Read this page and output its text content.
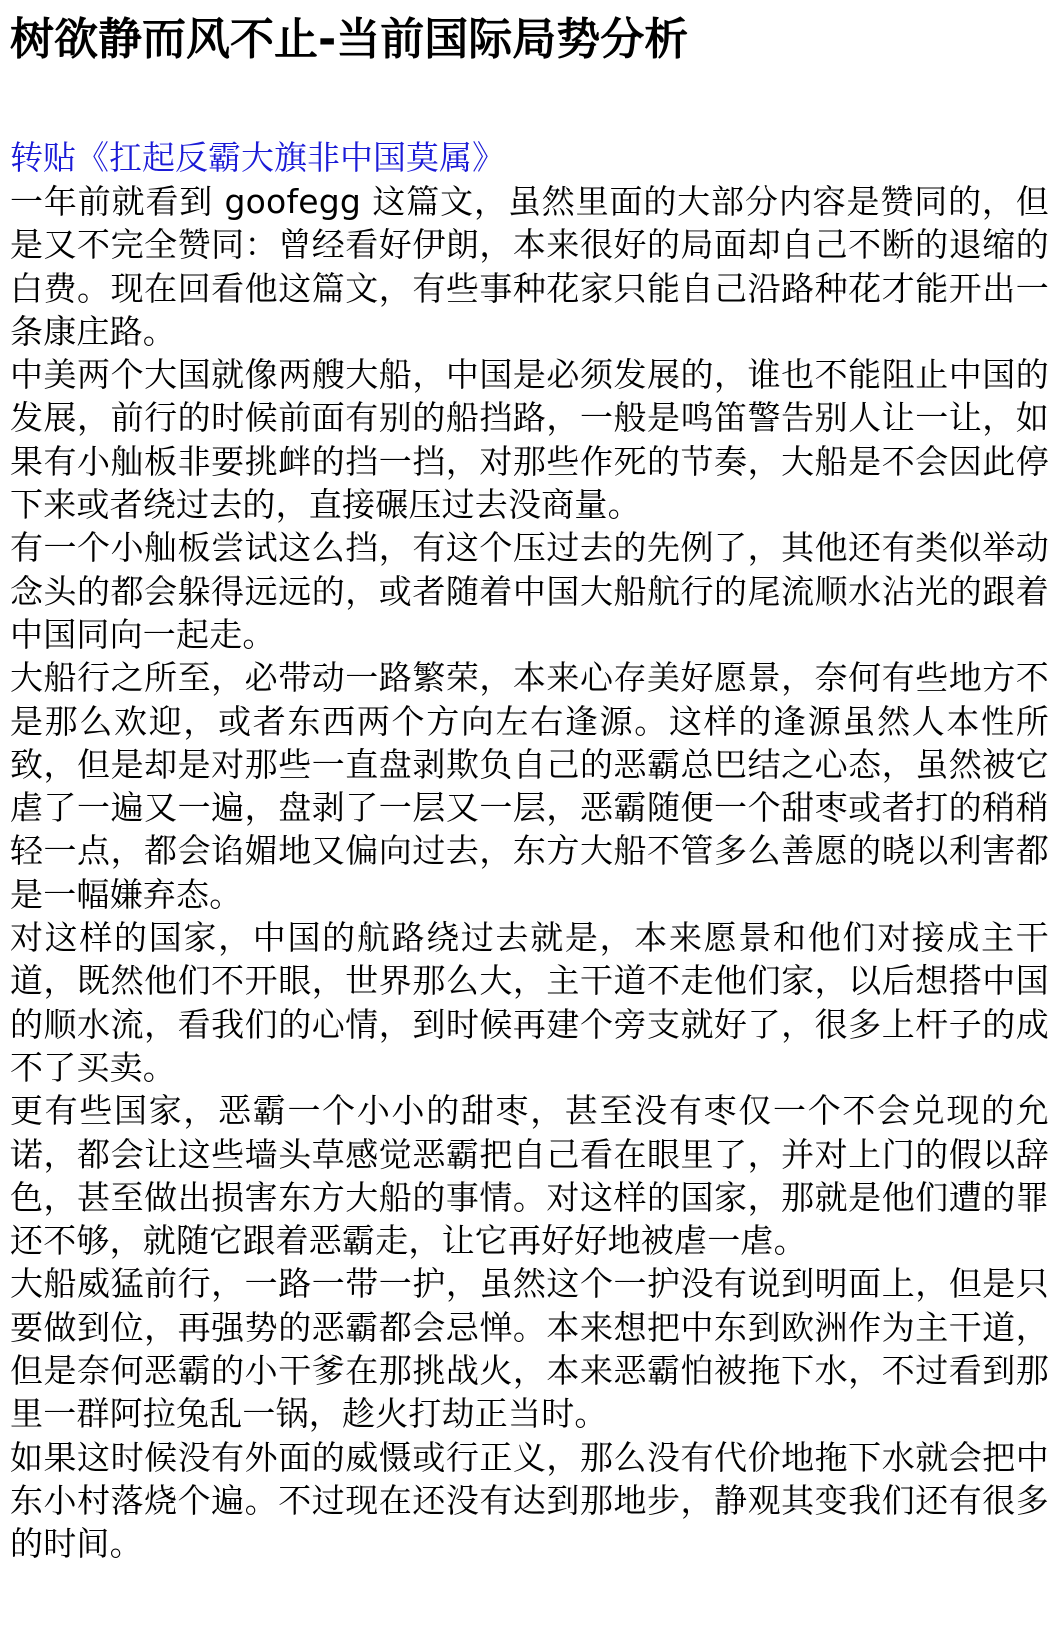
树欲静而风不止-当前国际局势分析
转贴《扛起反霸大旗非中国莫属》

一年前就看到 goofegg 这篇文，虽然里面的大部分内容是赞同的，但是又不完全赞同：曾经看好伊朗，本来很好的局面却自己不断的退缩的白费。现在回看他这篇文，有些事种花家只能自己沿路种花才能开出一条康庄路。

中美两个大国就像两艘大船，中国是必须发展的，谁也不能阻止中国的发展，前行的时候前面有别的船挡路，一般是鸣笛警告别人让一让，如果有小舢板非要挑衅的挡一挡，对那些作死的节奏，大船是不会因此停下来或者绕过去的，直接碾压过去没商量。

有一个小舢板尝试这么挡，有这个压过去的先例了，其他还有类似举动念头的都会躲得远远的，或者随着中国大船航行的尾流顺水沾光的跟着中国同向一起走。

大船行之所至，必带动一路繁荣，本来心存美好愿景，奈何有些地方不是那么欢迎，或者东西两个方向左右逢源。这样的逢源虽然人本性所致，但是却是对那些一直盘剥欺负自己的恶霸总巴结之心态，虽然被它虐了一遍又一遍，盘剥了一层又一层，恶霸随便一个甜枣或者打的稍稍轻一点，都会谄媚地又偏向过去，东方大船不管多么善愿的晓以利害都是一幅嫌弃态。

对这样的国家，中国的航路绕过去就是，本来愿景和他们对接成主干道，既然他们不开眼，世界那么大，主干道不走他们家，以后想搭中国的顺水流，看我们的心情，到时候再建个旁支就好了，很多上杆子的成不了买卖。

更有些国家，恶霸一个小小的甜枣，甚至没有枣仅一个不会兑现的允诺，都会让这些墙头草感觉恶霸把自己看在眼里了，并对上门的假以辞色，甚至做出损害东方大船的事情。对这样的国家，那就是他们遭的罪还不够，就随它跟着恶霸走，让它再好好地被虐一虐。

大船威猛前行，一路一带一护，虽然这个一护没有说到明面上，但是只要做到位，再强势的恶霸都会忌惮。本来想把中东到欧洲作为主干道，但是奈何恶霸的小干爹在那挑战火，本来恶霸怕被拖下水，不过看到那里一群阿拉兔乱一锅，趁火打劫正当时。

如果这时候没有外面的威慑或行正义，那么没有代价地拖下水就会把中东小村落烧个遍。不过现在还没有达到那地步，静观其变我们还有很多的时间。
